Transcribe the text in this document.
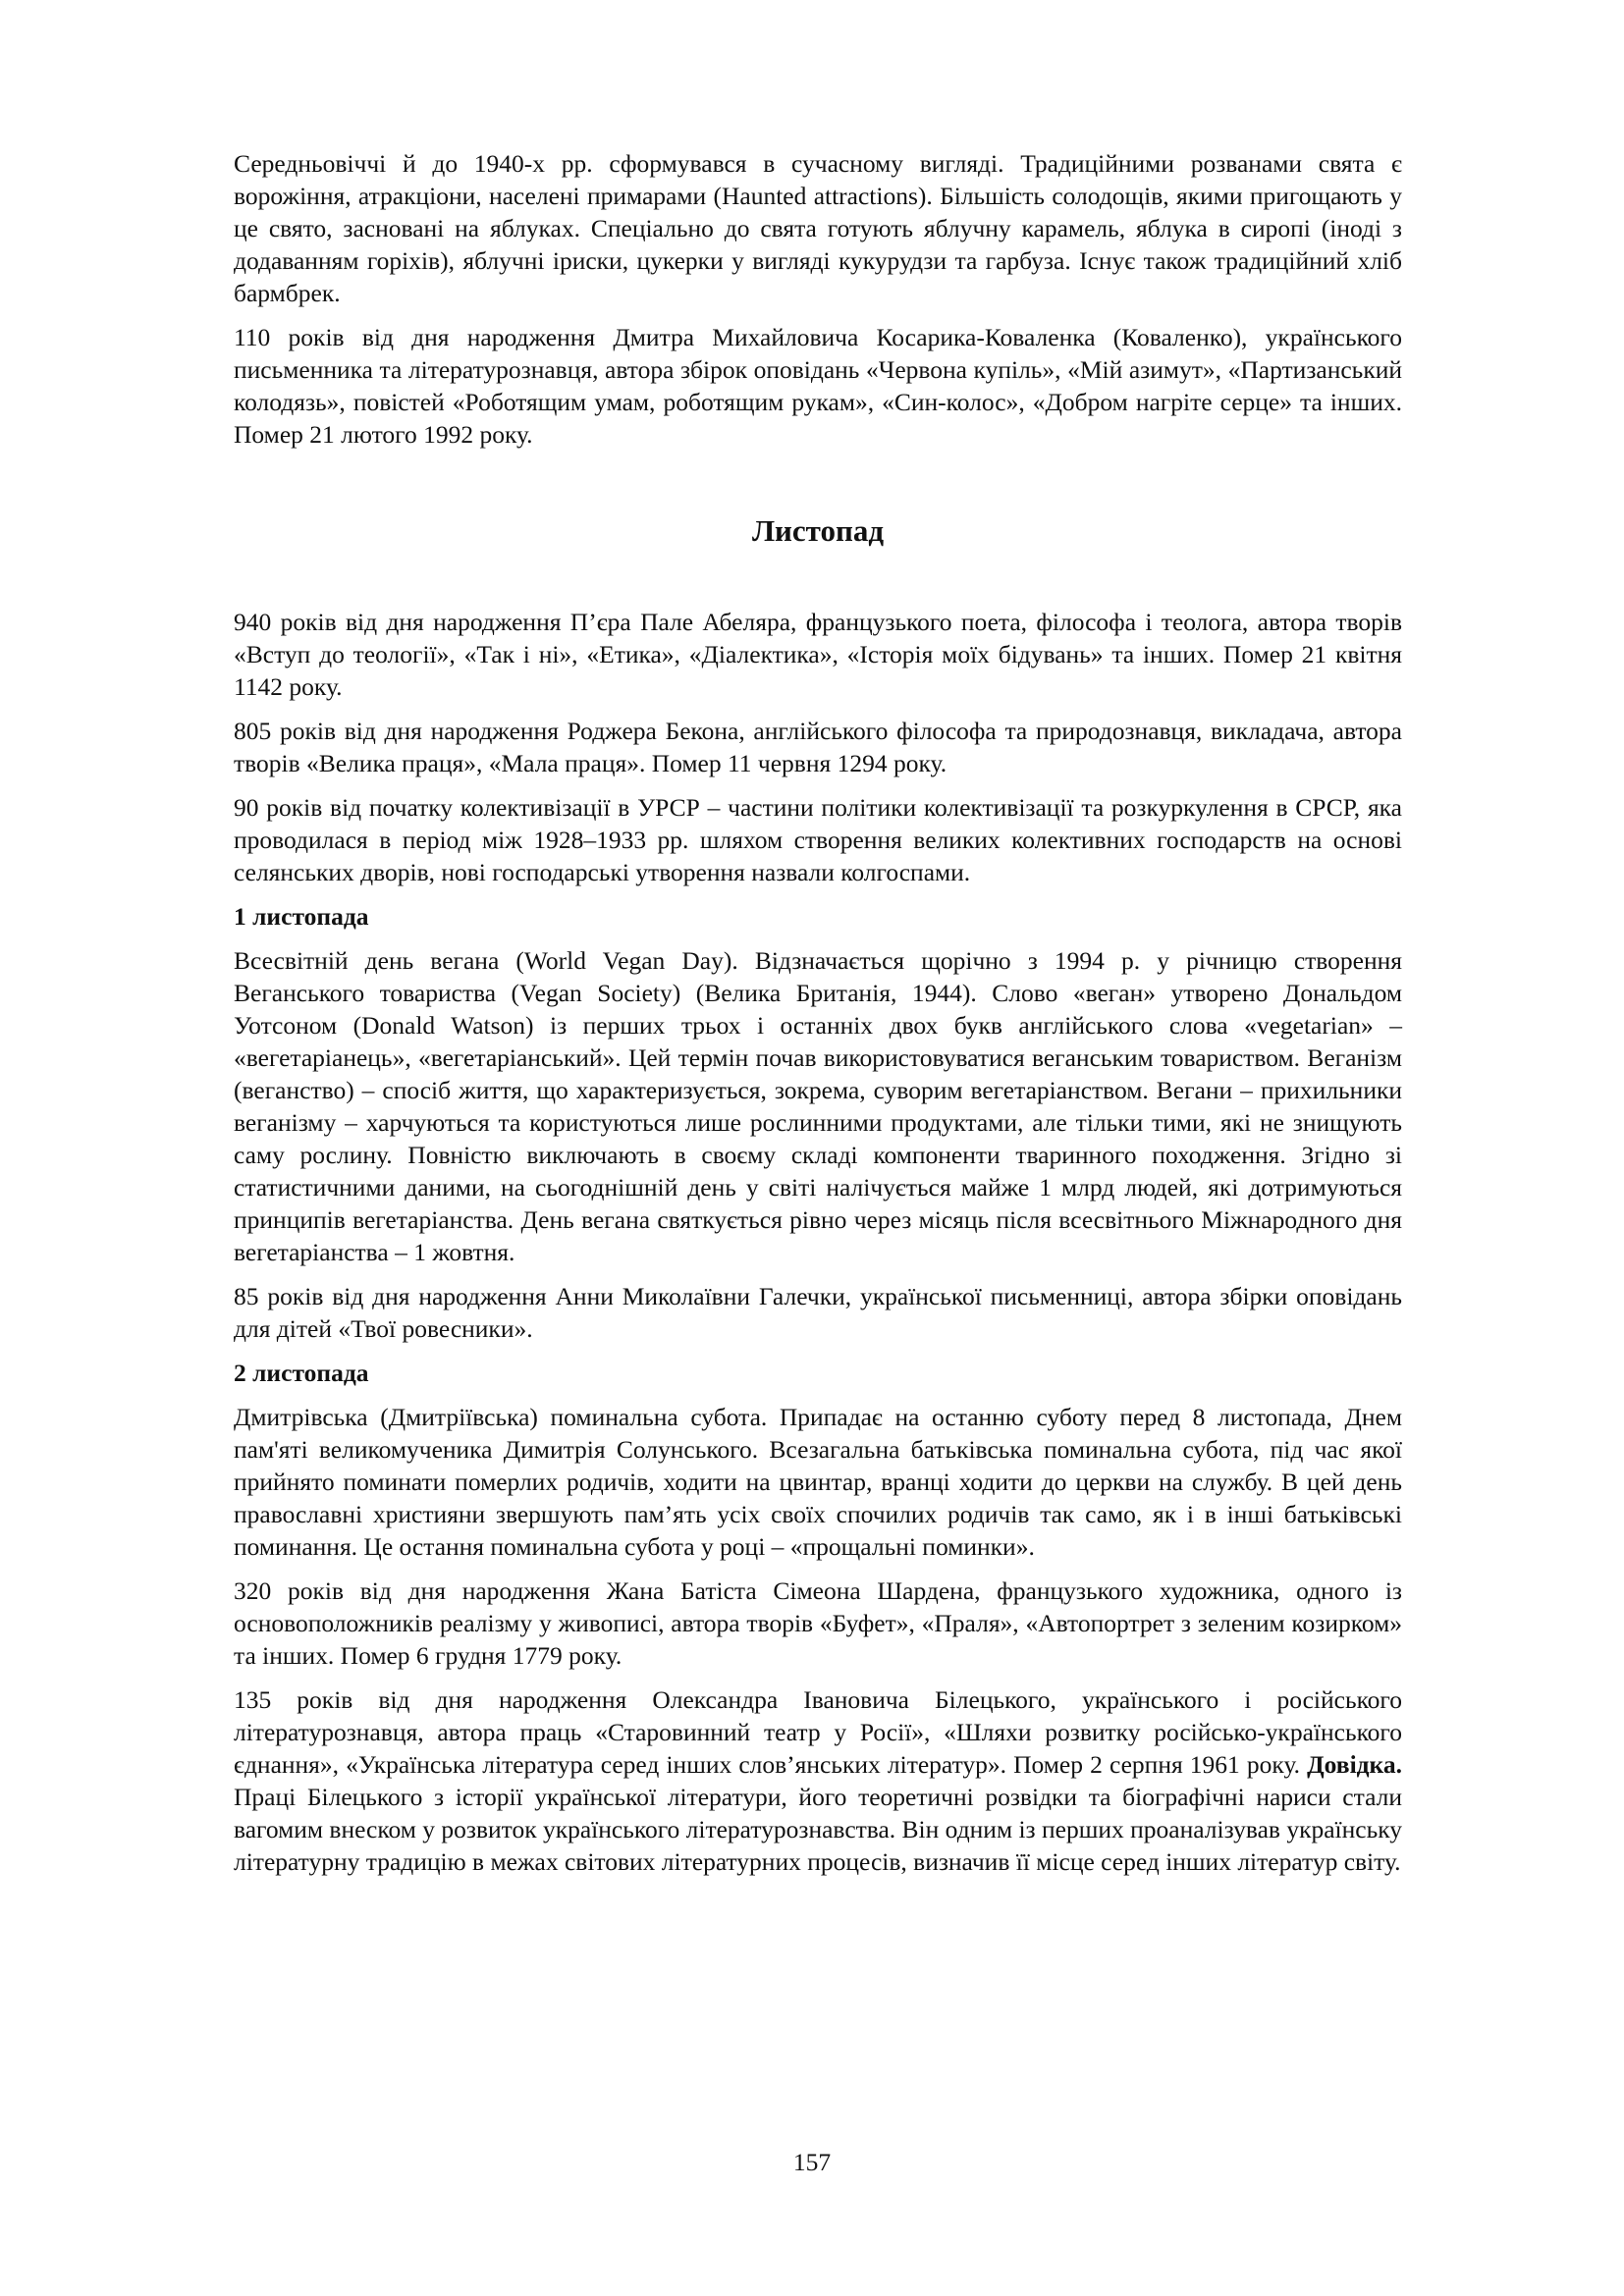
Середньовіччі й до 1940-х рр. сформувався в сучасному вигляді. Традиційними розванами свята є ворожіння, атракціони, населені примарами (Haunted attractions). Більшість солодощів, якими пригощають у це свято, засновані на яблуках. Спеціально до свята готують яблучну карамель, яблука в сиропі (іноді з додаванням горіхів), яблучні іриски, цукерки у вигляді кукурудзи та гарбуза. Існує також традиційний хліб бармбрек.

110 років від дня народження Дмитра Михайловича Косарика-Коваленка (Коваленко), українського письменника та літературознавця, автора збірок оповідань «Червона купіль», «Мій азимут», «Партизанський колодязь», повістей «Роботящим умам, роботящим рукам», «Син-колос», «Добром нагріте серце» та інших. Помер 21 лютого 1992 року.

Листопад

940 років від дня народження П’єра Пале Абеляра, французького поета, філософа і теолога, автора творів «Вступ до теології», «Так і ні», «Етика», «Діалектика», «Історія моїх бідувань» та інших. Помер 21 квітня 1142 року.

805 років від дня народження Роджера Бекона, англійського філософа та природознавця, викладача, автора творів «Велика праця», «Мала праця». Помер 11 червня 1294 року.

90 років від початку колективізації в УРСР – частини політики колективізації та розкуркулення в СРСР, яка проводилася в період між 1928–1933 рр. шляхом створення великих колективних господарств на основі селянських дворів, нові господарські утворення назвали колгоспами.

1 листопада

Всесвітній день вегана (World Vegan Day). Відзначається щорічно з 1994 р. у річницю створення Веганського товариства (Vegan Society) (Велика Британія, 1944). Слово «веган» утворено Дональдом Уотсоном (Donald Watson) із перших трьох і останніх двох букв англійського слова «vegetarian» – «вегетаріанець», «вегетаріанський». Цей термін почав використовуватися веганським товариством. Веганізм (веганство) – спосіб життя, що характеризується, зокрема, суворим вегетаріанством. Вегани – прихильники веганізму – харчуються та користуються лише рослинними продуктами, але тільки тими, які не знищують саму рослину. Повністю виключають в своєму складі компоненти тваринного походження. Згідно зі статистичними даними, на сьогоднішній день у світі налічується майже 1 млрд людей, які дотримуються принципів вегетаріанства. День вегана святкується рівно через місяць після всесвітнього Міжнародного дня вегетаріанства – 1 жовтня.

85 років від дня народження Анни Миколаївни Галечки, української письменниці, автора збірки оповідань для дітей «Твої ровесники».

2 листопада

Дмитрівська (Дмитріївська) поминальна субота. Припадає на останню суботу перед 8 листопада, Днем пам'яті великомученика Димитрія Солунського. Всезагальна батьківська поминальна субота, під час якої прийнято поминати померлих родичів, ходити на цвинтар, вранці ходити до церкви на службу. В цей день православні християни звершують пам’ять усіх своїх спочилих родичів так само, як і в інші батьківські поминання. Це остання поминальна субота у році – «прощальні поминки».

320 років від дня народження Жана Батіста Сімеона Шардена, французького художника, одного із основоположників реалізму у живописі, автора творів «Буфет», «Праля», «Автопортрет з зеленим козирком» та інших. Помер 6 грудня 1779 року.

135 років від дня народження Олександра Івановича Білецького, українського і російського літературознавця, автора праць «Старовинний театр у Росії», «Шляхи розвитку російсько-українського єднання», «Українська література серед інших слов’янських літератур». Помер 2 серпня 1961 року. Довідка. Праці Білецького з історії української літератури, його теоретичні розвідки та біографічні нариси стали вагомим внеском у розвиток українського літературознавства. Він одним із перших проаналізував українську літературну традицію в межах світових літературних процесів, визначив її місце серед інших літератур світу.

157
